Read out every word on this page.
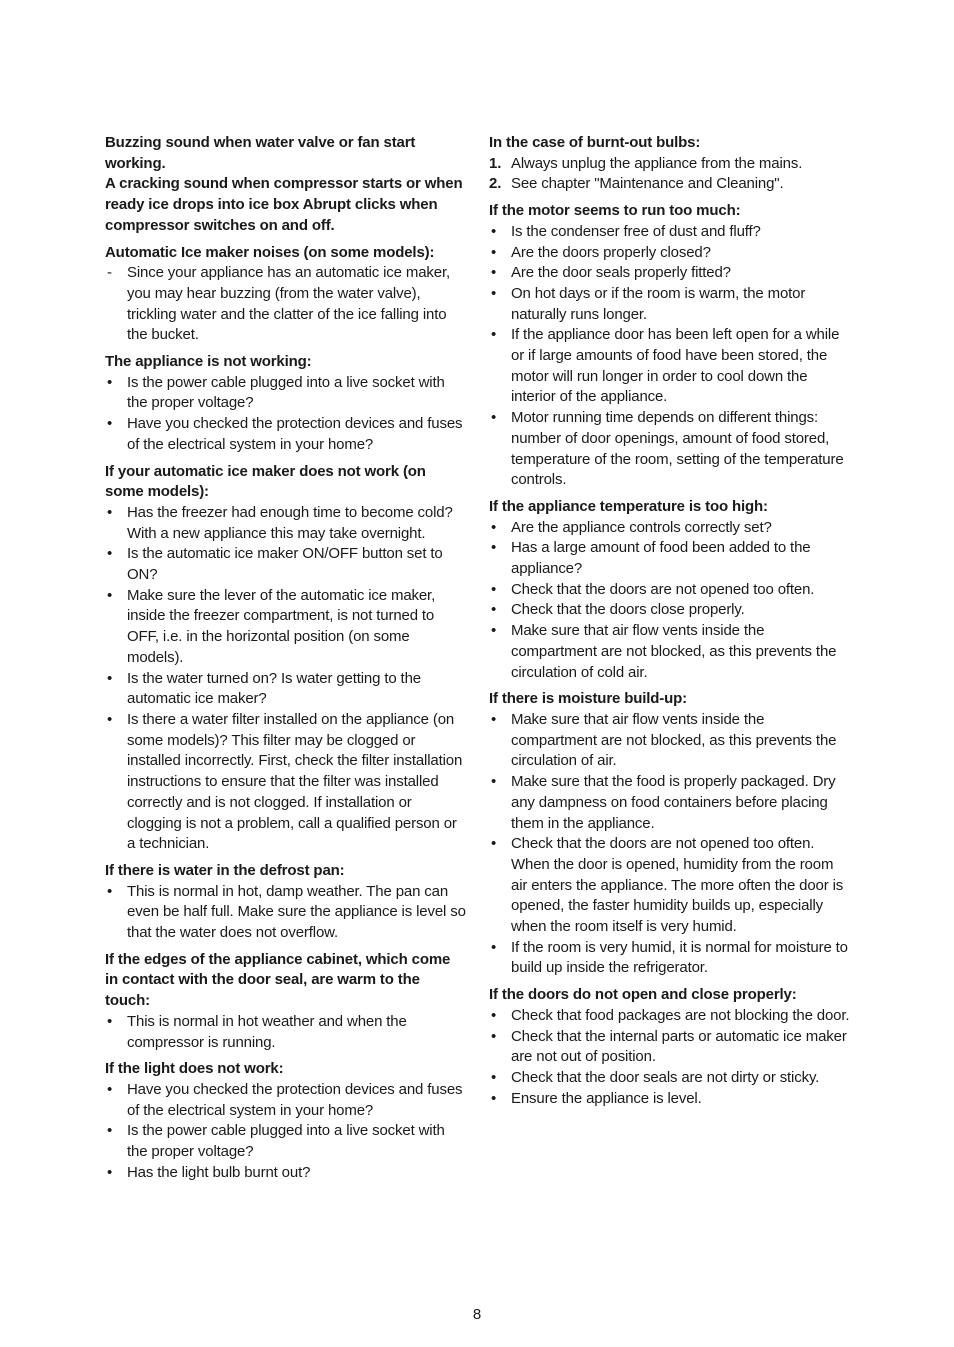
Buzzing sound when water valve or fan start working.

A cracking sound when compressor starts or when ready ice drops into ice box Abrupt clicks when compressor switches on and off.

Automatic Ice maker noises (on some models):

-	Since your appliance has an automatic ice maker, you may hear buzzing (from the water valve), trickling water and the clatter of the ice falling into the bucket.

The appliance is not working:

• Is the power cable plugged into a live socket with the proper voltage?
• Have you checked the protection devices and fuses of the electrical system in your home?

If your automatic ice maker does not work (on some models):

• Has the freezer had enough time to become cold? With a new appliance this may take overnight.
• Is the automatic ice maker ON/OFF button set to ON?
• Make sure the lever of the automatic ice maker, inside the freezer compartment, is not turned to OFF, i.e. in the horizontal position (on some models).
• Is the water turned on? Is water getting to the automatic ice maker?
• Is there a water filter installed on the appliance (on some models)? This filter may be clogged or installed incorrectly. First, check the filter installation instructions to ensure that the filter was installed correctly and is not clogged. If installation or clogging is not a problem, call a qualified person or a technician.

If there is water in the defrost pan:

• This is normal in hot, damp weather. The pan can even be half full. Make sure the appliance is level so that the water does not overflow.

If the edges of the appliance cabinet, which come in contact with the door seal, are warm to the touch:

• This is normal in hot weather and when the compressor is running.

If the light does not work:

• Have you checked the protection devices and fuses of the electrical system in your home?
• Is the power cable plugged into a live socket with the proper voltage?
• Has the light bulb burnt out?

In the case of burnt-out bulbs:

1. Always unplug the appliance from the mains.
2. See chapter "Maintenance and Cleaning".

If the motor seems to run too much:

• Is the condenser free of dust and fluff?
• Are the doors properly closed?
• Are the door seals properly fitted?
• On hot days or if the room is warm, the motor naturally runs longer.
• If the appliance door has been left open for a while or if large amounts of food have been stored, the motor will run longer in order to cool down the interior of the appliance.
• Motor running time depends on different things: number of door openings, amount of food stored, temperature of the room, setting of the temperature controls.

If the appliance temperature is too high:

• Are the appliance controls correctly set?
• Has a large amount of food been added to the appliance?
• Check that the doors are not opened too often.
• Check that the doors close properly.
• Make sure that air flow vents inside the compartment are not blocked, as this prevents the circulation of cold air.

If there is moisture build-up:

• Make sure that air flow vents inside the compartment are not blocked, as this prevents the circulation of air.
• Make sure that the food is properly packaged. Dry any dampness on food containers before placing them in the appliance.
• Check that the doors are not opened too often. When the door is opened, humidity from the room air enters the appliance. The more often the door is opened, the faster humidity builds up, especially when the room itself is very humid.
• If the room is very humid, it is normal for moisture to build up inside the refrigerator.

If the doors do not open and close properly:

• Check that food packages are not blocking the door.
• Check that the internal parts or automatic ice maker are not out of position.
• Check that the door seals are not dirty or sticky.
• Ensure the appliance is level.
8
